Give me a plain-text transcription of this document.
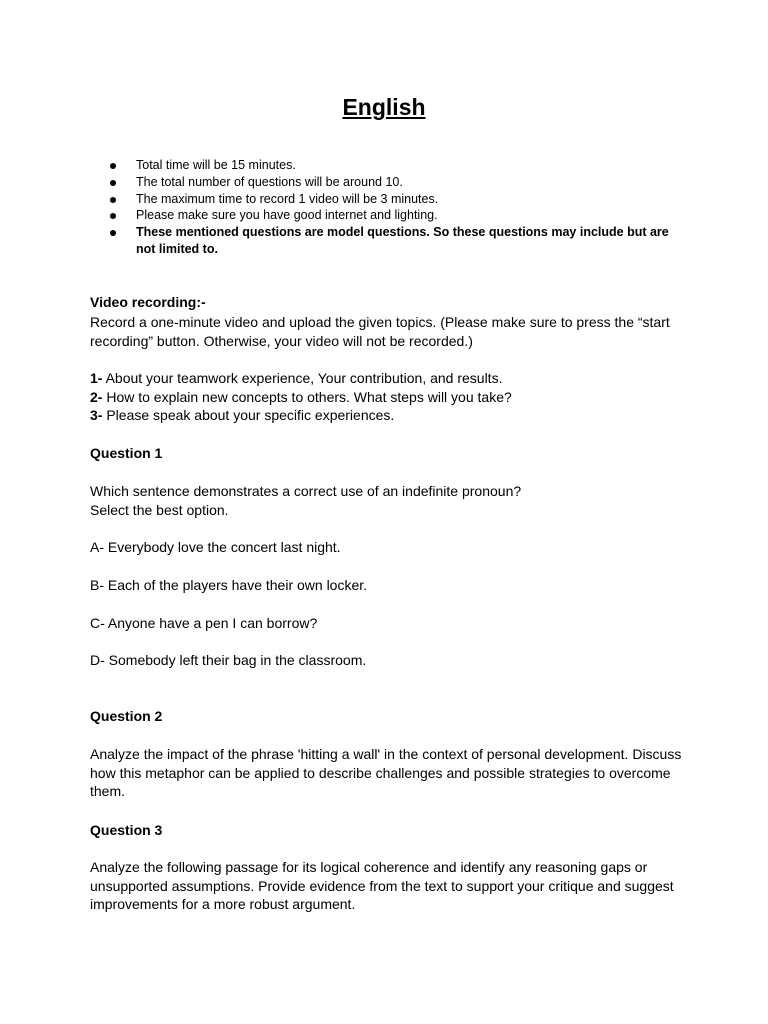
English
Total time will be 15 minutes.
The total number of questions will be around 10.
The maximum time to record 1 video will be 3 minutes.
Please make sure you have good internet and lighting.
These mentioned questions are model questions. So these questions may include but are not limited to.

Video recording:-

Record a one-minute video and upload the given topics. (Please make sure to press the “start recording” button. Otherwise, your video will not be recorded.)

1- About your teamwork experience, Your contribution, and results.

2- How to explain new concepts to others. What steps will you take?

3- Please speak about your specific experiences.

Question 1

Which sentence demonstrates a correct use of an indefinite pronoun?

Select the best option.

A- Everybody love the concert last night.
B- Each of the players have their own locker.
C- Anyone have a pen I can borrow?
D- Somebody left their bag in the classroom.
Question 2
Analyze the impact of the phrase 'hitting a wall' in the context of personal development. Discuss how this metaphor can be applied to describe challenges and possible strategies to overcome them.
Question 3
Analyze the following passage for its logical coherence and identify any reasoning gaps or unsupported assumptions. Provide evidence from the text to support your critique and suggest improvements for a more robust argument.
